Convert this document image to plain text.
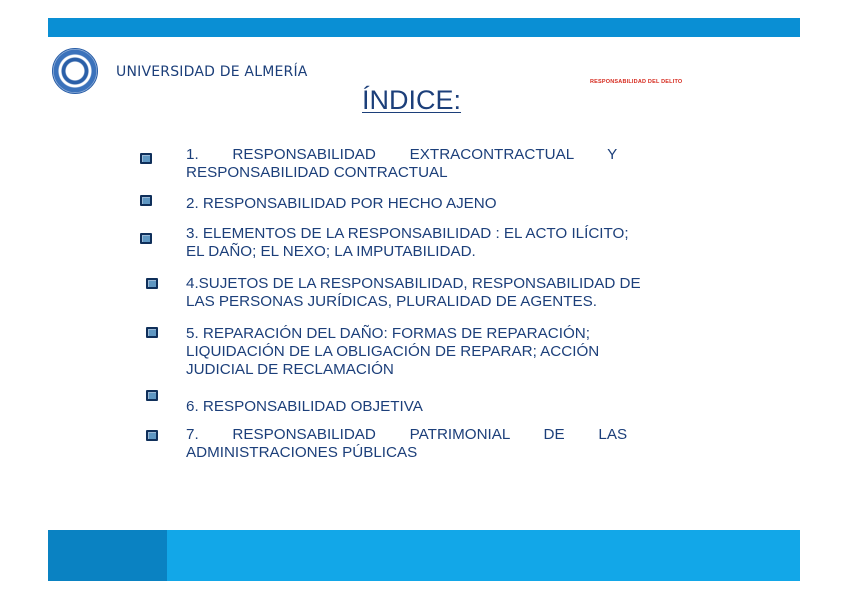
UNIVERSIDAD DE ALMERÍA
RESPONSABILIDAD DEL DELITO
ÍNDICE:
1.        RESPONSABILIDAD        EXTRACONTRACTUAL        Y
RESPONSABILIDAD CONTRACTUAL
2. RESPONSABILIDAD POR HECHO AJENO
3. ELEMENTOS DE LA RESPONSABILIDAD : EL ACTO ILÍCITO;
EL DAÑO; EL NEXO; LA IMPUTABILIDAD.
4.SUJETOS DE LA RESPONSABILIDAD, RESPONSABILIDAD DE
LAS PERSONAS JURÍDICAS, PLURALIDAD DE AGENTES.
5. REPARACIÓN DEL DAÑO: FORMAS DE REPARACIÓN;
LIQUIDACIÓN DE LA OBLIGACIÓN DE REPARAR; ACCIÓN
JUDICIAL DE RECLAMACIÓN
6. RESPONSABILIDAD OBJETIVA
7.        RESPONSABILIDAD        PATRIMONIAL        DE        LAS
ADMINISTRACIONES PÚBLICAS
